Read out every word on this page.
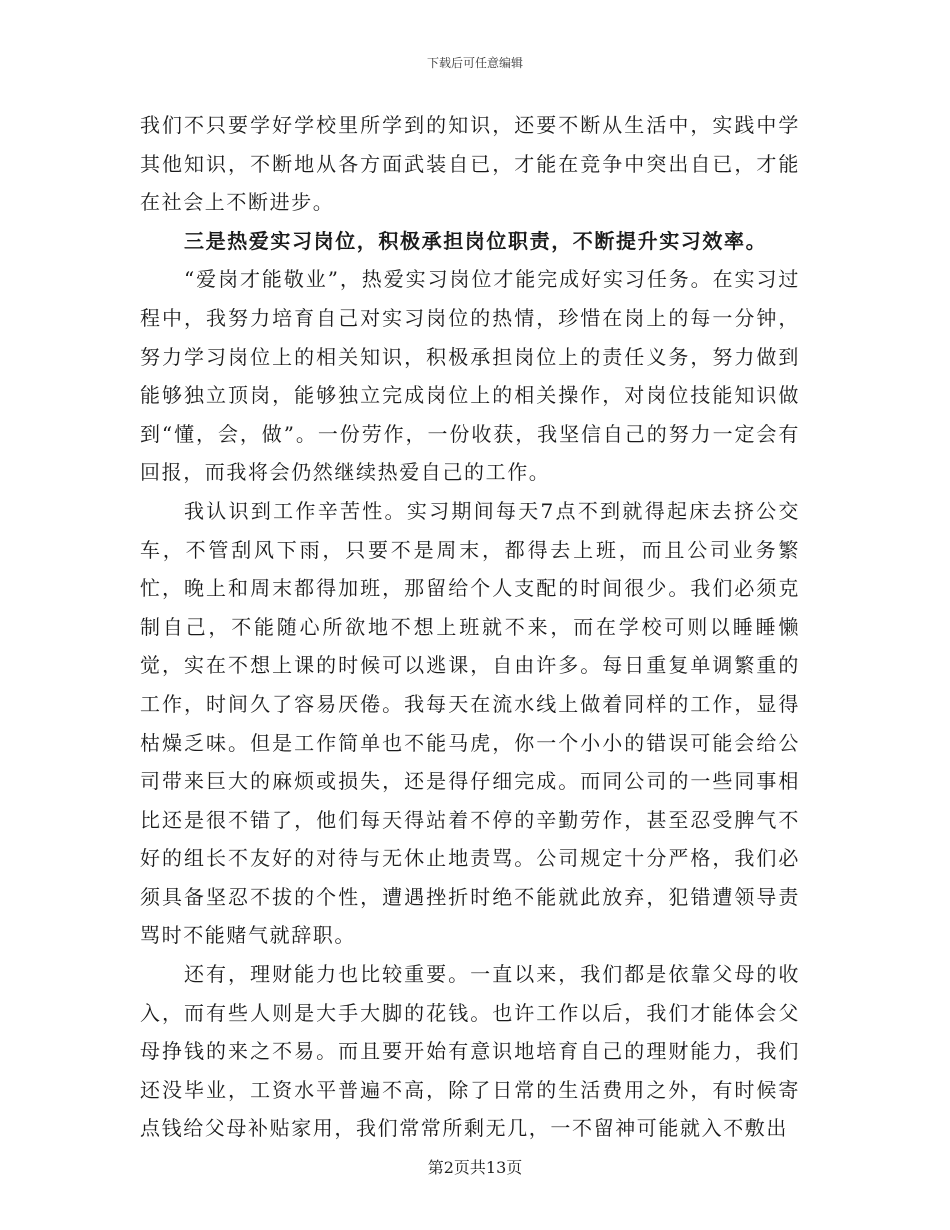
下载后可任意编辑

我们不只要学好学校里所学到的知识，还要不断从生活中，实践中学其他知识，不断地从各方面武装自已，才能在竞争中突出自已，才能在社会上不断进步。

三是热爱实习岗位，积极承担岗位职责，不断提升实习效率。

“爱岗才能敬业”，热爱实习岗位才能完成好实习任务。在实习过程中，我努力培育自己对实习岗位的热情，珍惜在岗上的每一分钟，努力学习岗位上的相关知识，积极承担岗位上的责任义务，努力做到能够独立顶岗，能够独立完成岗位上的相关操作，对岗位技能知识做到“懂，会，做”。一份劳作，一份收获，我坚信自己的努力一定会有回报，而我将会仍然继续热爱自己的工作。

我认识到工作辛苦性。实习期间每天7点不到就得起床去挤公交车，不管刮风下雨，只要不是周末，都得去上班，而且公司业务繁忙，晚上和周末都得加班，那留给个人支配的时间很少。我们必须克制自己，不能随心所欲地不想上班就不来，而在学校可则以睡睡懒觉，实在不想上课的时候可以逃课，自由许多。每日重复单调繁重的工作，时间久了容易厌倦。我每天在流水线上做着同样的工作，显得枯燥乏味。但是工作简单也不能马虎，你一个小小的错误可能会给公司带来巨大的麻烦或损失，还是得仔细完成。而同公司的一些同事相比还是很不错了，他们每天得站着不停的辛勤劳作，甚至忍受脾气不好的组长不友好的对待与无休止地责骂。公司规定十分严格，我们必须具备坚忍不拔的个性，遭遇挫折时绝不能就此放弃，犯错遭领导责骂时不能赌气就辞职。

还有，理财能力也比较重要。一直以来，我们都是依靠父母的收入，而有些人则是大手大脚的花钱。也许工作以后，我们才能体会父母挣钱的来之不易。而且要开始有意识地培育自己的理财能力，我们还没毕业，工资水平普遍不高，除了日常的生活费用之外，有时候寄点钱给父母补贴家用，我们常常所剩无几，一不留神可能就入不敷出

第2页共13页
